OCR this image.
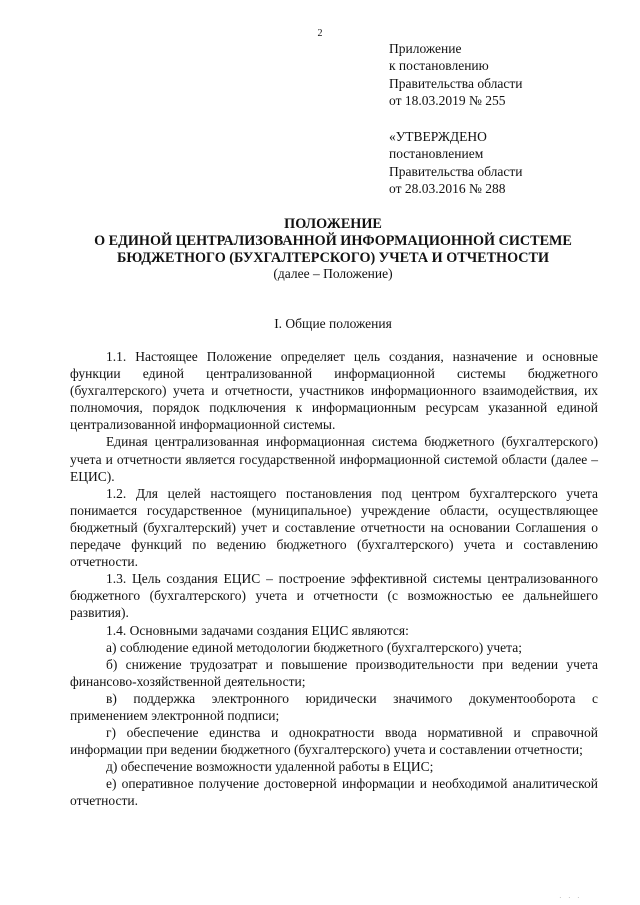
2
Приложение
к постановлению
Правительства области
от 18.03.2019 № 255
«УТВЕРЖДЕНО
постановлением
Правительства области
от 28.03.2016 № 288
ПОЛОЖЕНИЕ
О ЕДИНОЙ ЦЕНТРАЛИЗОВАННОЙ ИНФОРМАЦИОННОЙ СИСТЕМЕ
БЮДЖЕТНОГО (БУХГАЛТЕРСКОГО) УЧЕТА И ОТЧЕТНОСТИ
(далее – Положение)
I. Общие положения

1.1. Настоящее Положение определяет цель создания, назначение и основные функции единой централизованной информационной системы бюджетного (бухгалтерского) учета и отчетности, участников информационного взаимодействия, их полномочия, порядок подключения к информационным ресурсам указанной единой централизованной информационной системы.

Единая централизованная информационная система бюджетного (бухгалтерского) учета и отчетности является государственной информационной системой области (далее – ЕЦИС).

1.2. Для целей настоящего постановления под центром бухгалтерского учета понимается государственное (муниципальное) учреждение области, осуществляющее бюджетный (бухгалтерский) учет и составление отчетности на основании Соглашения о передаче функций по ведению бюджетного (бухгалтерского) учета и составлению отчетности.

1.3. Цель создания ЕЦИС – построение эффективной системы централизованного бюджетного (бухгалтерского) учета и отчетности (с возможностью ее дальнейшего развития).

1.4. Основными задачами создания ЕЦИС являются:

а) соблюдение единой методологии бюджетного (бухгалтерского) учета;

б) снижение трудозатрат и повышение производительности при ведении учета финансово-хозяйственной деятельности;

в) поддержка электронного юридически значимого документооборота с применением электронной подписи;

г) обеспечение единства и однократности ввода нормативной и справочной информации при ведении бюджетного (бухгалтерского) учета и составлении отчетности;

д) обеспечение возможности удаленной работы в ЕЦИС;

е) оперативное получение достоверной информации и необходимой аналитической отчетности.

. . .
